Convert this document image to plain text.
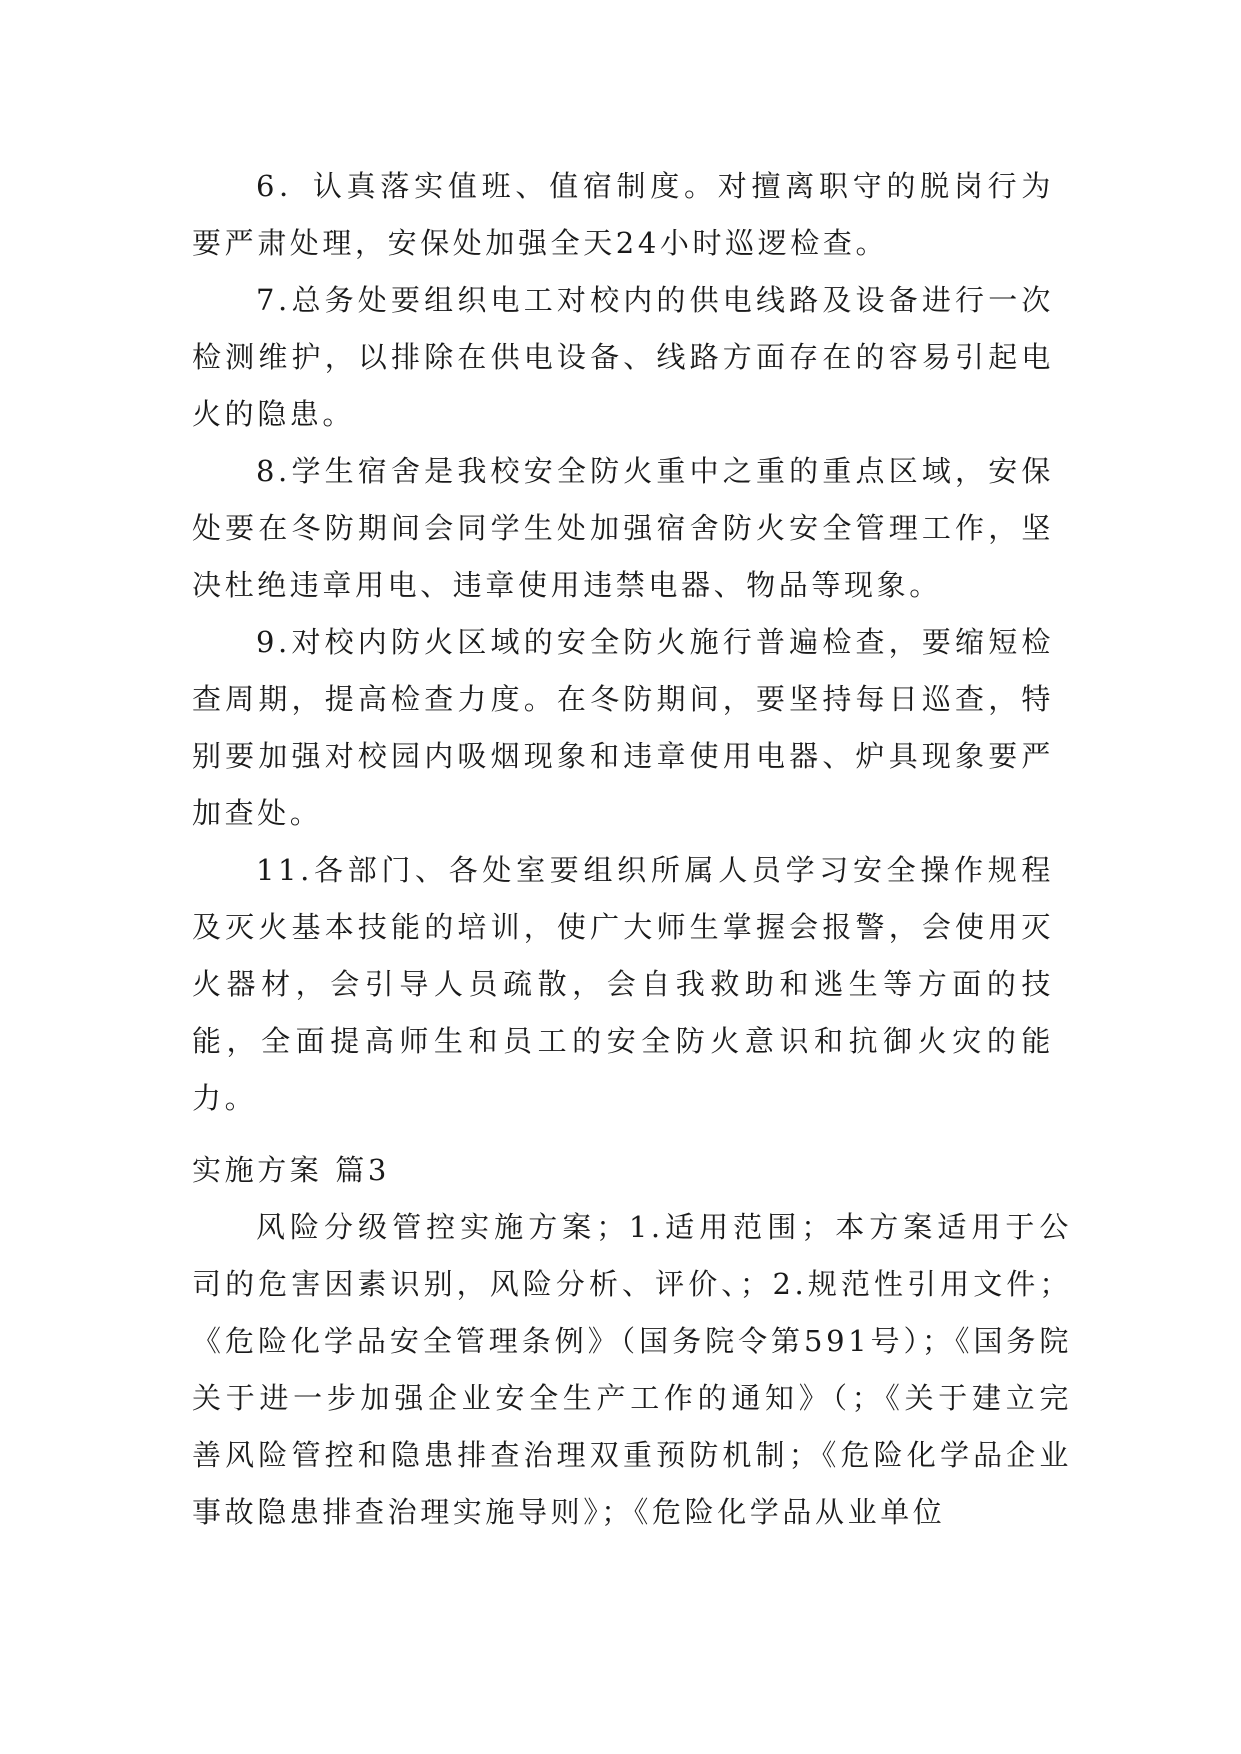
6．认真落实值班、值宿制度。对擅离职守的脱岗行为要严肃处理，安保处加强全天24小时巡逻检查。

7.总务处要组织电工对校内的供电线路及设备进行一次检测维护，以排除在供电设备、线路方面存在的容易引起电火的隐患。

8.学生宿舍是我校安全防火重中之重的重点区域，安保处要在冬防期间会同学生处加强宿舍防火安全管理工作，坚决杜绝违章用电、违章使用违禁电器、物品等现象。

9.对校内防火区域的安全防火施行普遍检查，要缩短检查周期，提高检查力度。在冬防期间，要坚持每日巡查，特别要加强对校园内吸烟现象和违章使用电器、炉具现象要严加查处。

11.各部门、各处室要组织所属人员学习安全操作规程及灭火基本技能的培训，使广大师生掌握会报警，会使用灭火器材，会引导人员疏散，会自我救助和逃生等方面的技能，全面提高师生和员工的安全防火意识和抗御火灾的能力。

实施方案 篇3

风险分级管控实施方案；1.适用范围；本方案适用于公司的危害因素识别，风险分析、评价、；2.规范性引用文件；《危险化学品安全管理条例》（国务院令第591号）；《国务院关于进一步加强企业安全生产工作的通知》（；《关于建立完善风险管控和隐患排查治理双重预防机制；《危险化学品企业事故隐患排查治理实施导则》；《危险化学品从业单位
